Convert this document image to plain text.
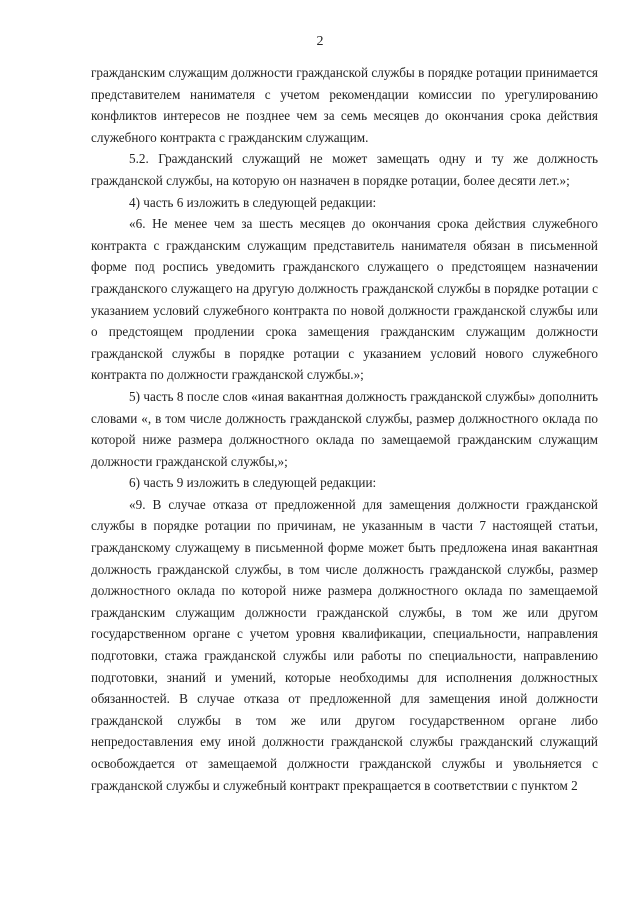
2

гражданским служащим должности гражданской службы в порядке ротации принимается представителем нанимателя с учетом рекомендации комиссии по урегулированию конфликтов интересов не позднее чем за семь месяцев до окончания срока действия служебного контракта с гражданским служащим.

5.2. Гражданский служащий не может замещать одну и ту же должность гражданской службы, на которую он назначен в порядке ротации, более десяти лет.»;

4) часть 6 изложить в следующей редакции:

«6. Не менее чем за шесть месяцев до окончания срока действия служебного контракта с гражданским служащим представитель нанимателя обязан в письменной форме под роспись уведомить гражданского служащего о предстоящем назначении гражданского служащего на другую должность гражданской службы в порядке ротации с указанием условий служебного контракта по новой должности гражданской службы или о предстоящем продлении срока замещения гражданским служащим должности гражданской службы в порядке ротации с указанием условий нового служебного контракта по должности гражданской службы.»;

5) часть 8 после слов «иная вакантная должность гражданской службы» дополнить словами «, в том числе должность гражданской службы, размер должностного оклада по которой ниже размера должностного оклада по замещаемой гражданским служащим должности гражданской службы,»;

6) часть 9 изложить в следующей редакции:

«9. В случае отказа от предложенной для замещения должности гражданской службы в порядке ротации по причинам, не указанным в части 7 настоящей статьи, гражданскому служащему в письменной форме может быть предложена иная вакантная должность гражданской службы, в том числе должность гражданской службы, размер должностного оклада по которой ниже размера должностного оклада по замещаемой гражданским служащим должности гражданской службы, в том же или другом государственном органе с учетом уровня квалификации, специальности, направления подготовки, стажа гражданской службы или работы по специальности, направлению подготовки, знаний и умений, которые необходимы для исполнения должностных обязанностей. В случае отказа от предложенной для замещения иной должности гражданской службы в том же или другом государственном органе либо непредоставления ему иной должности гражданской службы гражданский служащий освобождается от замещаемой должности гражданской службы и увольняется с гражданской службы и служебный контракт прекращается в соответствии с пунктом 2
